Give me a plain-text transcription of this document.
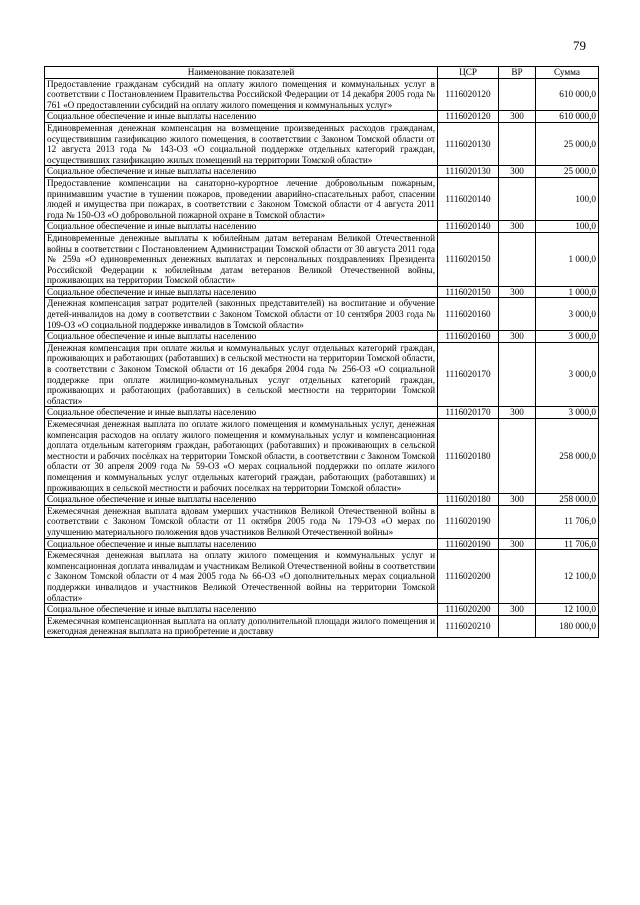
79
Наименование показателей	ЦСР	ВР	Сумма
Предоставление гражданам субсидий на оплату жилого помещения и коммунальных услуг в соответствии с Постановлением Правительства Российской Федерации от 14 декабря 2005 года № 761 «О предоставлении субсидий на оплату жилого помещения и коммунальных услуг»	1116020120		610 000,0
Социальное обеспечение и иные выплаты населению	1116020120	300	610 000,0
Единовременная денежная компенсация на возмещение произведенных расходов гражданам, осуществившим газификацию жилого помещения, в соответствии с Законом Томской области от 12 августа 2013 года № 143-ОЗ «О социальной поддержке отдельных категорий граждан, осуществивших газификацию жилых помещений на территории Томской области»	1116020130		25 000,0
Социальное обеспечение и иные выплаты населению	1116020130	300	25 000,0
Предоставление компенсации на санаторно-курортное лечение добровольным пожарным, принимавшим участие в тушении пожаров, проведении аварийно-спасательных работ, спасении людей и имущества при пожарах, в соответствии с Законом Томской области от 4 августа 2011 года № 150-ОЗ «О добровольной пожарной охране в Томской области»	1116020140		100,0
Социальное обеспечение и иные выплаты населению	1116020140	300	100,0
Единовременные денежные выплаты к юбилейным датам ветеранам Великой Отечественной войны в соответствии с Постановлением Администрации Томской области от 30 августа 2011 года № 259а «О единовременных денежных выплатах и персональных поздравлениях Президента Российской Федерации к юбилейным датам ветеранов Великой Отечественной войны, проживающих на территории Томской области»	1116020150		1 000,0
Социальное обеспечение и иные выплаты населению	1116020150	300	1 000,0
Денежная компенсация затрат родителей (законных представителей) на воспитание и обучение детей-инвалидов на дому в соответствии с Законом Томской области от 10 сентября 2003 года № 109-ОЗ «О социальной поддержке инвалидов в Томской области»	1116020160		3 000,0
Социальное обеспечение и иные выплаты населению	1116020160	300	3 000,0
Денежная компенсация при оплате жилья и коммунальных услуг отдельных категорий граждан, проживающих и работающих (работавших) в сельской местности на территории Томской области, в соответствии с Законом Томской области от 16 декабря 2004 года № 256-ОЗ «О социальной поддержке при оплате жилищно-коммунальных услуг отдельных категорий граждан, проживающих и работающих (работавших) в сельской местности на территории Томской области»	1116020170		3 000,0
Социальное обеспечение и иные выплаты населению	1116020170	300	3 000,0
Ежемесячная денежная выплата по оплате жилого помещения и коммунальных услуг, денежная компенсация расходов на оплату жилого помещения и коммунальных услуг и компенсационная доплата отдельным категориям граждан, работающих (работавших) и проживающих в сельской местности и рабочих посёлках на территории Томской области, в соответствии с Законом Томской области от 30 апреля 2009 года № 59-ОЗ «О мерах социальной поддержки по оплате жилого помещения и коммунальных услуг отдельных категорий граждан, работающих (работавших) и проживающих в сельской местности и рабочих поселках на территории Томской области»	1116020180		258 000,0
Социальное обеспечение и иные выплаты населению	1116020180	300	258 000,0
Ежемесячная денежная выплата вдовам умерших участников Великой Отечественной войны в соответствии с Законом Томской области от 11 октября 2005 года № 179-ОЗ «О мерах по улучшению материального положения вдов участников Великой Отечественной войны»	1116020190		11 706,0
Социальное обеспечение и иные выплаты населению	1116020190	300	11 706,0
Ежемесячная денежная выплата на оплату жилого помещения и коммунальных услуг и компенсационная доплата инвалидам и участникам Великой Отечественной войны в соответствии с Законом Томской области от 4 мая 2005 года № 66-ОЗ «О дополнительных мерах социальной поддержки инвалидов и участников Великой Отечественной войны на территории Томской области»	1116020200		12 100,0
Социальное обеспечение и иные выплаты населению	1116020200	300	12 100,0
Ежемесячная компенсационная выплата на оплату дополнительной площади жилого помещения и ежегодная денежная выплата на приобретение и доставку	1116020210		180 000,0
